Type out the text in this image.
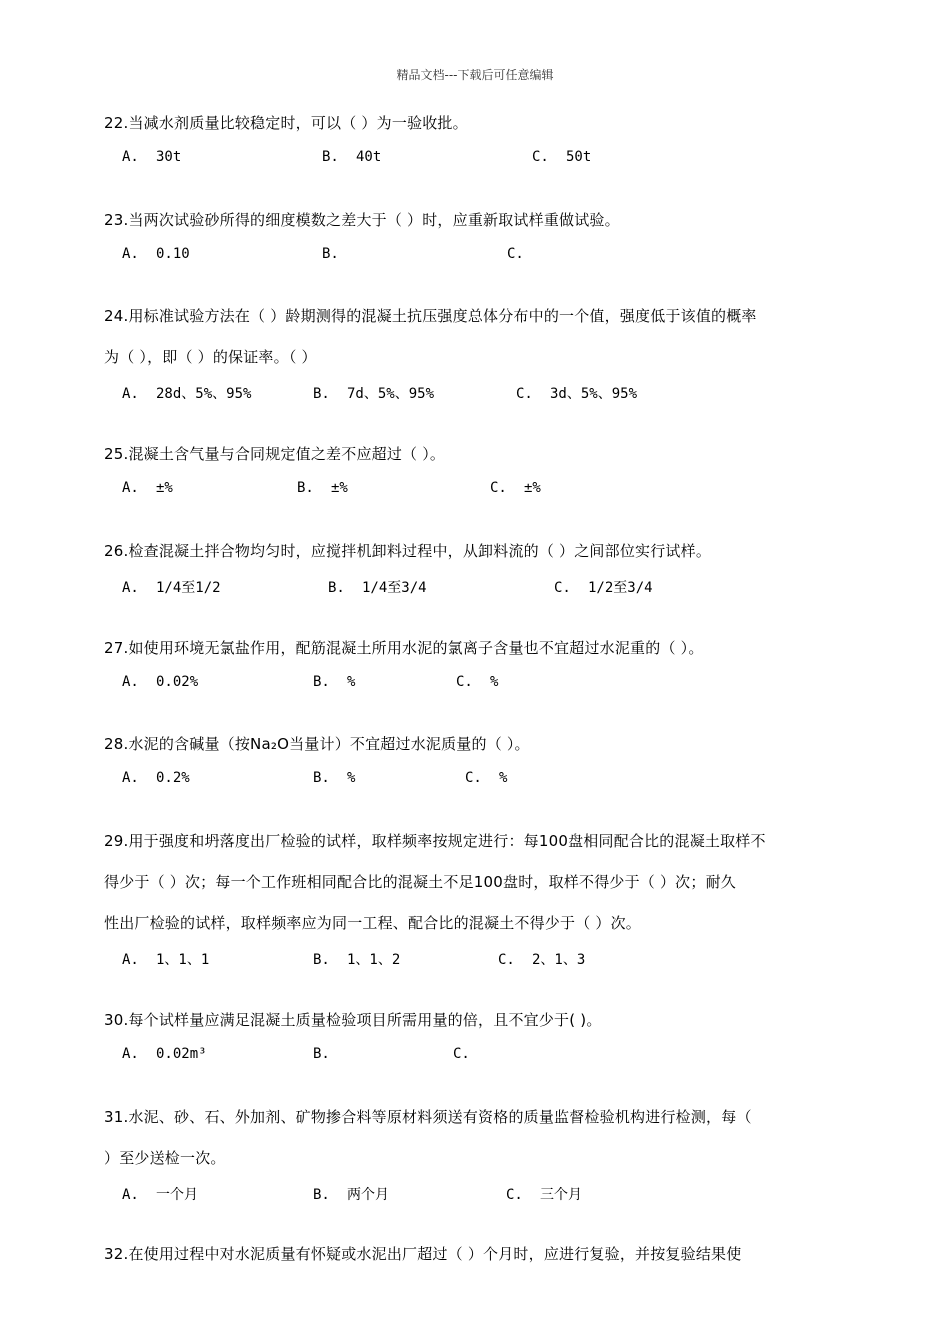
精品文档---下载后可任意编辑
22.当减水剂质量比较稳定时，可以（ ）为一验收批。
A. 30t	B. 40t	C. 50t
23.当两次试验砂所得的细度模数之差大于（ ）时，应重新取试样重做试验。
A. 0.10	B.	C.
24.用标准试验方法在（ ）龄期测得的混凝土抗压强度总体分布中的一个值，强度低于该值的概率
为（ ），即（ ）的保证率。（ ）
A. 28d、5%、95%	B. 7d、5%、95%	C. 3d、5%、95%
25.混凝土含气量与合同规定值之差不应超过（ ）。
A. ±%	B. ±%	C. ±%
26.检查混凝土拌合物均匀时，应搅拌机卸料过程中，从卸料流的（ ）之间部位实行试样。
A. 1/4至1/2	B. 1/4至3/4	C. 1/2至3/4
27.如使用环境无氯盐作用，配筋混凝土所用水泥的氯离子含量也不宜超过水泥重的（ ）。
A. 0.02%	B. %	C. %
28.水泥的含碱量（按Na₂O当量计）不宜超过水泥质量的（ ）。
A. 0.2%	B. %	C. %
29.用于强度和坍落度出厂检验的试样，取样频率按规定进行：每100盘相同配合比的混凝土取样不
得少于（ ）次；每一个工作班相同配合比的混凝土不足100盘时，取样不得少于（ ）次；耐久
性出厂检验的试样，取样频率应为同一工程、配合比的混凝土不得少于（ ）次。
A. 1、1、1	B. 1、1、2	C. 2、1、3
30.每个试样量应满足混凝土质量检验项目所需用量的倍，且不宜少于( )。
A. 0.02m³	B.	C.
31.水泥、砂、石、外加剂、矿物掺合料等原材料须送有资格的质量监督检验机构进行检测，每（
）至少送检一次。
A. 一个月	B. 两个月	C. 三个月
32.在使用过程中对水泥质量有怀疑或水泥出厂超过（ ）个月时，应进行复验，并按复验结果使
